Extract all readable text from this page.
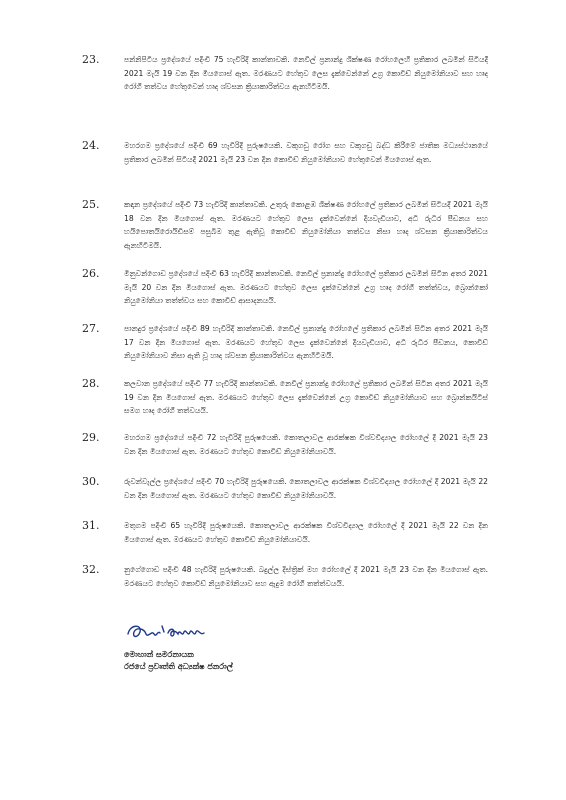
23.	පන්නිපිටිය ප්‍රදේශයේ පදිංචි 75 හැවිරිදි කාන්තාවකි. නෙවිල් ප්‍රනාන්දු ශික්ෂණ රෝහලෙහි ප්‍රතිකාර ලබමින් සිටියදී 2021 මැයි 19 වන දින මියගොස් ඇත. මරණයට හේතුව ලෙස දැක්වෙන්නේ උග්‍ර කොවිඩ් නියුමෝනියාව සහ හෘද රෝගී තත්වය හේතුවෙන් හෘද ශ්වසන ක්‍රියාකාරිත්වය ඇනහිටීමයි.

24.	මහරගම ප්‍රදේශයේ පදිංචි 69 හැවිරිදි පුරුෂයෙකි. වකුගඩු රෝග සහ වකුගඩු බද්ධ කිරීමේ ජාතික මධ්‍යස්ථානයේ ප්‍රතිකාර ලබමින් සිටියදී 2021 මැයි 23 වන දින කොවිඩ් නියුමෝනියාව හේතුවෙන් මියගොස් ඇත.

25.	කඳාන ප්‍රදේශයේ පදිංචි 73 හැවිරිදි කාන්තාවකි. උතුරු කොළඹ ශික්ෂණ රෝහලේ ප්‍රතිකාර ලබමින් සිටියදී 2021 මැයි 18 වන දින මියගොස් ඇත. මරණයට හේතුව ලෙස දැක්වෙන්නේ දියවැඩියාව, අධි රුධිර පීඩනය සහ හයිපොතයිරොයිඩිසම් පසුබිම තුළ ඇතිවූ කොවිඩ් නියුමෝනියා තත්වය නිසා හෘද ශ්වසන ක්‍රියාකාරිත්වය ඇනහිටීමයි.

26.	මිනුවන්ගොඩ ප්‍රදේශයේ පදිංචි 63 හැවිරිදි කාන්තාවකි. නෙවිල් ප්‍රනාන්දු රෝහලේ ප්‍රතිකාර ලබමින් සිටින අතර 2021 මැයි 20 වන දින මියගොස් ඇත. මරණයට හේතුව ලෙස දැක්වෙන්නේ උග්‍ර හෘද රෝගී තත්ත්වය, බ්‍රොන්කෝ නියුමෝනියා තත්ත්වය සහ කොවිඩ් ආසාදනයයි.

27.	පානදුර ප්‍රදේශයේ පදිංචි 89 හැවිරිදි කාන්තාවකි. නෙවිල් ප්‍රනාන්දු රෝහලේ ප්‍රතිකාර ලබමින් සිටින අතර 2021 මැයි 17 වන දින මියගොස් ඇත. මරණයට හේතුව ලෙස දැක්වෙන්නේ දියවැඩියාව, අධි රුධිර පීඩනය, කොවිඩ් නියුමෝනියාව නිසා ඇති වූ හෘද ශ්වසන ක්‍රියාකාරිත්වය ඇනහිටීමයි.

28.	කලවාන ප්‍රදේශයේ පදිංචි 77 හැවිරිදි කාන්තාවකි. නෙවිල් ප්‍රනාන්දු රෝහලේ ප්‍රතිකාර ලබමින් සිටින අතර 2021 මැයි 19 වන දින මියගොස් ඇත. මරණයට හේතුව ලෙස දැක්වෙන්නේ උග්‍ර කොවිඩ් නියුමෝනියාව සහ බ්‍රොන්කයිටිස් සමග හෘද රෝගී තත්වයයි.

29.	මහරගම ප්‍රදේශයේ පදිංචි 72 හැවිරිදි පුරුෂයෙකි. කොතලාවල ආරක්ෂක විශ්වවිද්‍යාල රෝහලේ දී 2021 මැයි 23 වන දින මියගොස් ඇත. මරණයට හේතුව කොවිඩ් නියුමෝනියාවයි.

30.	රුවන්වැල්ල ප්‍රදේශයේ පදිංචි 70 හැවිරිදි පුරුෂයෙකි. කොතලාවල ආරක්ෂක විශ්වවිද්‍යාල රෝහලේ දී 2021 මැයි 22 වන දින මියගොස් ඇත. මරණයට හේතුව කොවිඩ් නියුමෝනියාවයි.

31.	මතුගම පදිංචි 65 හැවිරිදි පුරුෂයෙකි. කොතලාවල ආරක්ෂක විශ්වවිද්‍යාල රෝහලේ දී 2021 මැයි 22 වන දින මියගොස් ඇත. මරණයට හේතුව කොවිඩ් නියුමෝනියාවයි.

32.	නුගේගොඩ පදිංචි 48 හැවිරිදි පුරුෂයෙකි. බදුල්ල දිස්ත්‍රික් මහ රෝහලේ දී 2021 මැයි 23 වන දින මියගොස් ඇත. මරණයට හේතුව කොවිඩ් නියුමෝනියාව සහ ඇදුම රෝගී තත්ත්වයයි.

මොහාන් සමරනායක
රජයේ ප්‍රවෘත්ති අධ්‍යක්ෂ ජනරාල්
